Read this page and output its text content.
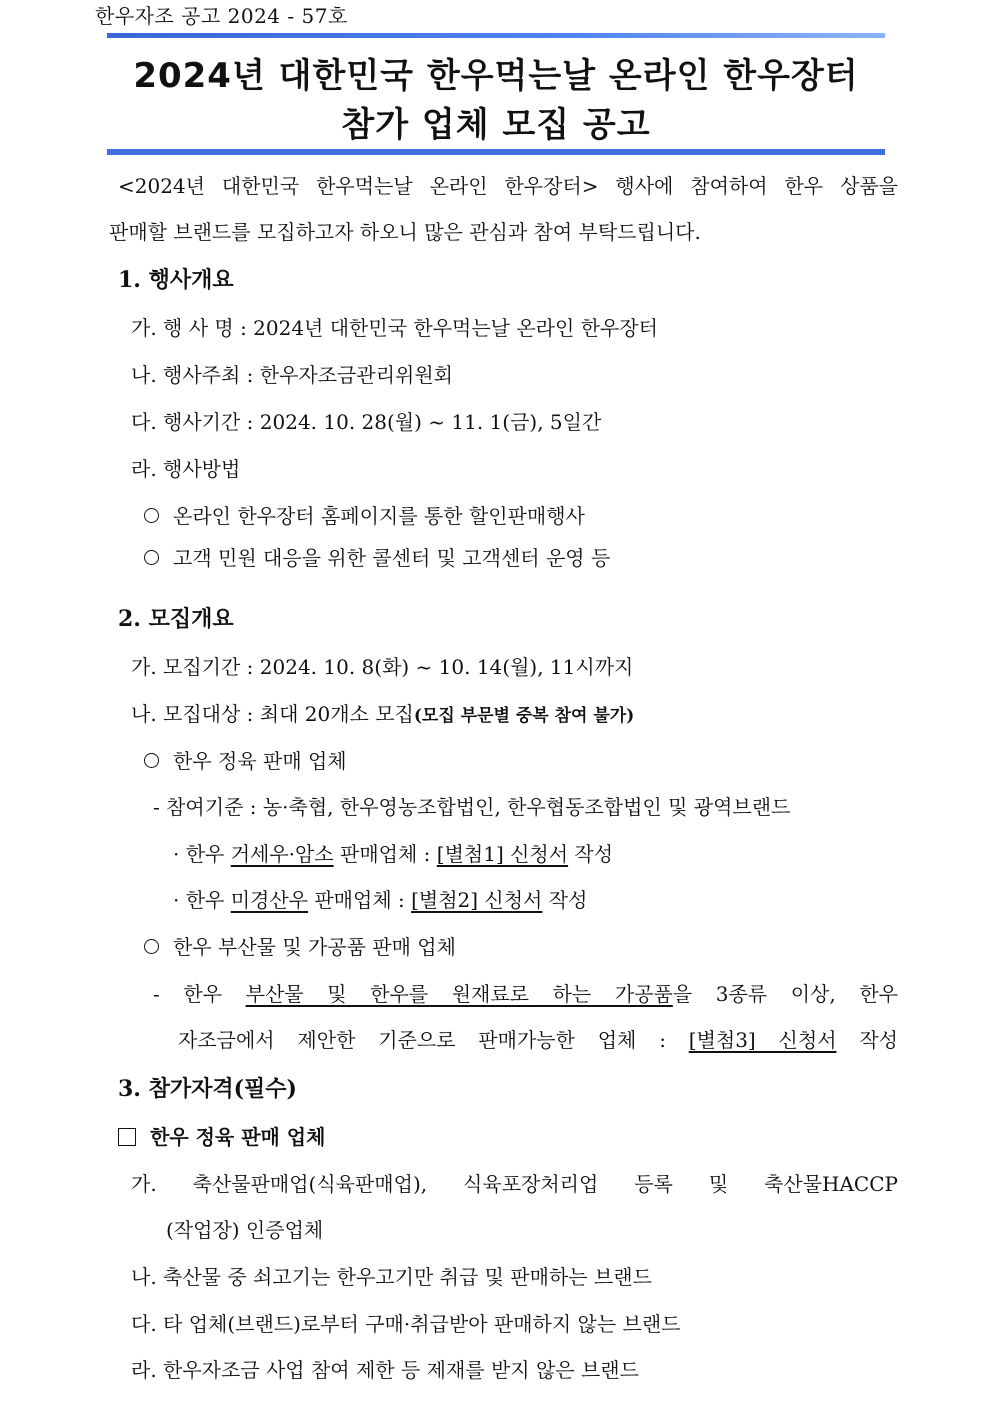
한우자조 공고 2024 - 57호
2024년 대한민국 한우먹는날 온라인 한우장터
참가 업체 모집 공고
<2024년 대한민국 한우먹는날 온라인 한우장터> 행사에 참여하여 한우 상품을
판매할 브랜드를 모집하고자 하오니 많은 관심과 참여 부탁드립니다.
1. 행사개요
가. 행 사 명 : 2024년 대한민국 한우먹는날 온라인 한우장터
나. 행사주최 : 한우자조금관리위원회
다. 행사기간 : 2024. 10. 28(월) ~ 11. 1(금), 5일간
라. 행사방법
온라인 한우장터 홈페이지를 통한 할인판매행사
고객 민원 대응을 위한 콜센터 및 고객센터 운영 등
2. 모집개요
가. 모집기간 : 2024. 10. 8(화) ~ 10. 14(월), 11시까지
나. 모집대상 : 최대 20개소 모집(모집 부문별 중복 참여 불가)
한우 정육 판매 업체
- 참여기준 : 농·축협, 한우영농조합법인, 한우협동조합법인 및 광역브랜드
· 한우 거세우·암소 판매업체 : [별첨1] 신청서 작성
· 한우 미경산우 판매업체 : [별첨2] 신청서 작성
한우 부산물 및 가공품 판매 업체
- 한우 부산물 및 한우를 원재료로 하는 가공품을 3종류 이상, 한우
자조금에서 제안한 기준으로 판매가능한 업체 : [별첨3] 신청서 작성
3. 참가자격(필수)
한우 정육 판매 업체
가. 축산물판매업(식육판매업), 식육포장처리업 등록 및 축산물HACCP
(작업장) 인증업체
나. 축산물 중 쇠고기는 한우고기만 취급 및 판매하는 브랜드
다. 타 업체(브랜드)로부터 구매·취급받아 판매하지 않는 브랜드
라. 한우자조금 사업 참여 제한 등 제재를 받지 않은 브랜드
